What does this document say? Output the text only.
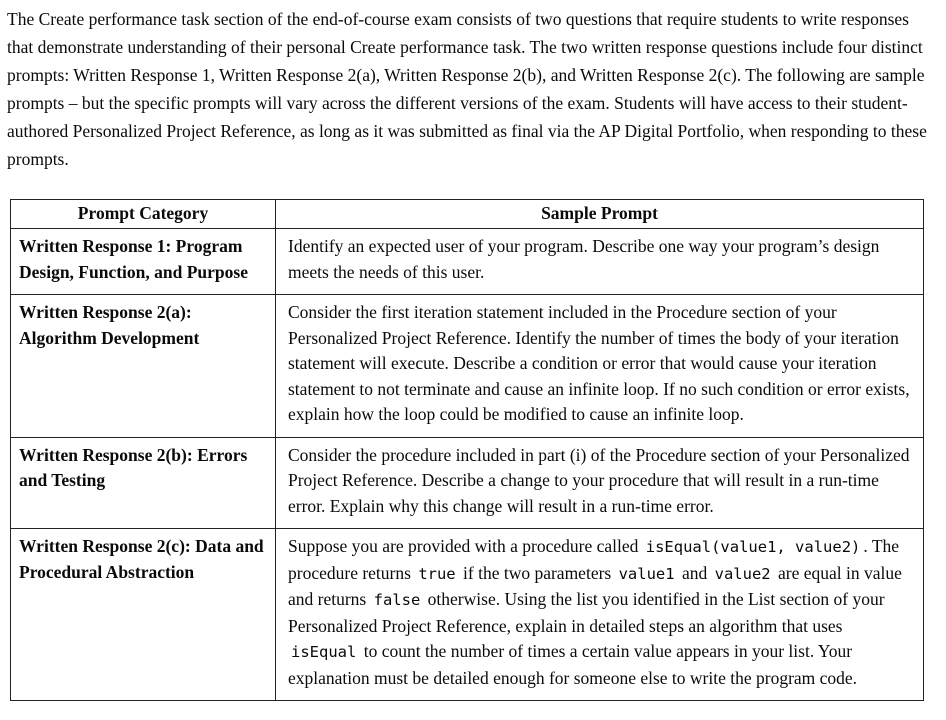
The Create performance task section of the end-of-course exam consists of two questions that require students to write responses that demonstrate understanding of their personal Create performance task. The two written response questions include four distinct prompts: Written Response 1, Written Response 2(a), Written Response 2(b), and Written Response 2(c). The following are sample prompts – but the specific prompts will vary across the different versions of the exam. Students will have access to their student-authored Personalized Project Reference, as long as it was submitted as final via the AP Digital Portfolio, when responding to these prompts.

Prompt Category	Sample Prompt
Written Response 1: Program Design, Function, and Purpose	Identify an expected user of your program. Describe one way your program’s design meets the needs of this user.
Written Response 2(a): Algorithm Development	Consider the first iteration statement included in the Procedure section of your Personalized Project Reference. Identify the number of times the body of your iteration statement will execute. Describe a condition or error that would cause your iteration statement to not terminate and cause an infinite loop. If no such condition or error exists, explain how the loop could be modified to cause an infinite loop.
Written Response 2(b): Errors and Testing	Consider the procedure included in part (i) of the Procedure section of your Personalized Project Reference. Describe a change to your procedure that will result in a run-time error. Explain why this change will result in a run-time error.
Written Response 2(c): Data and Procedural Abstraction	Suppose you are provided with a procedure called isEqual(value1, value2) . The procedure returns true if the two parameters value1 and value2 are equal in value and returns false otherwise. Using the list you identified in the List section of your Personalized Project Reference, explain in detailed steps an algorithm that uses isEqual to count the number of times a certain value appears in your list. Your explanation must be detailed enough for someone else to write the program code.
